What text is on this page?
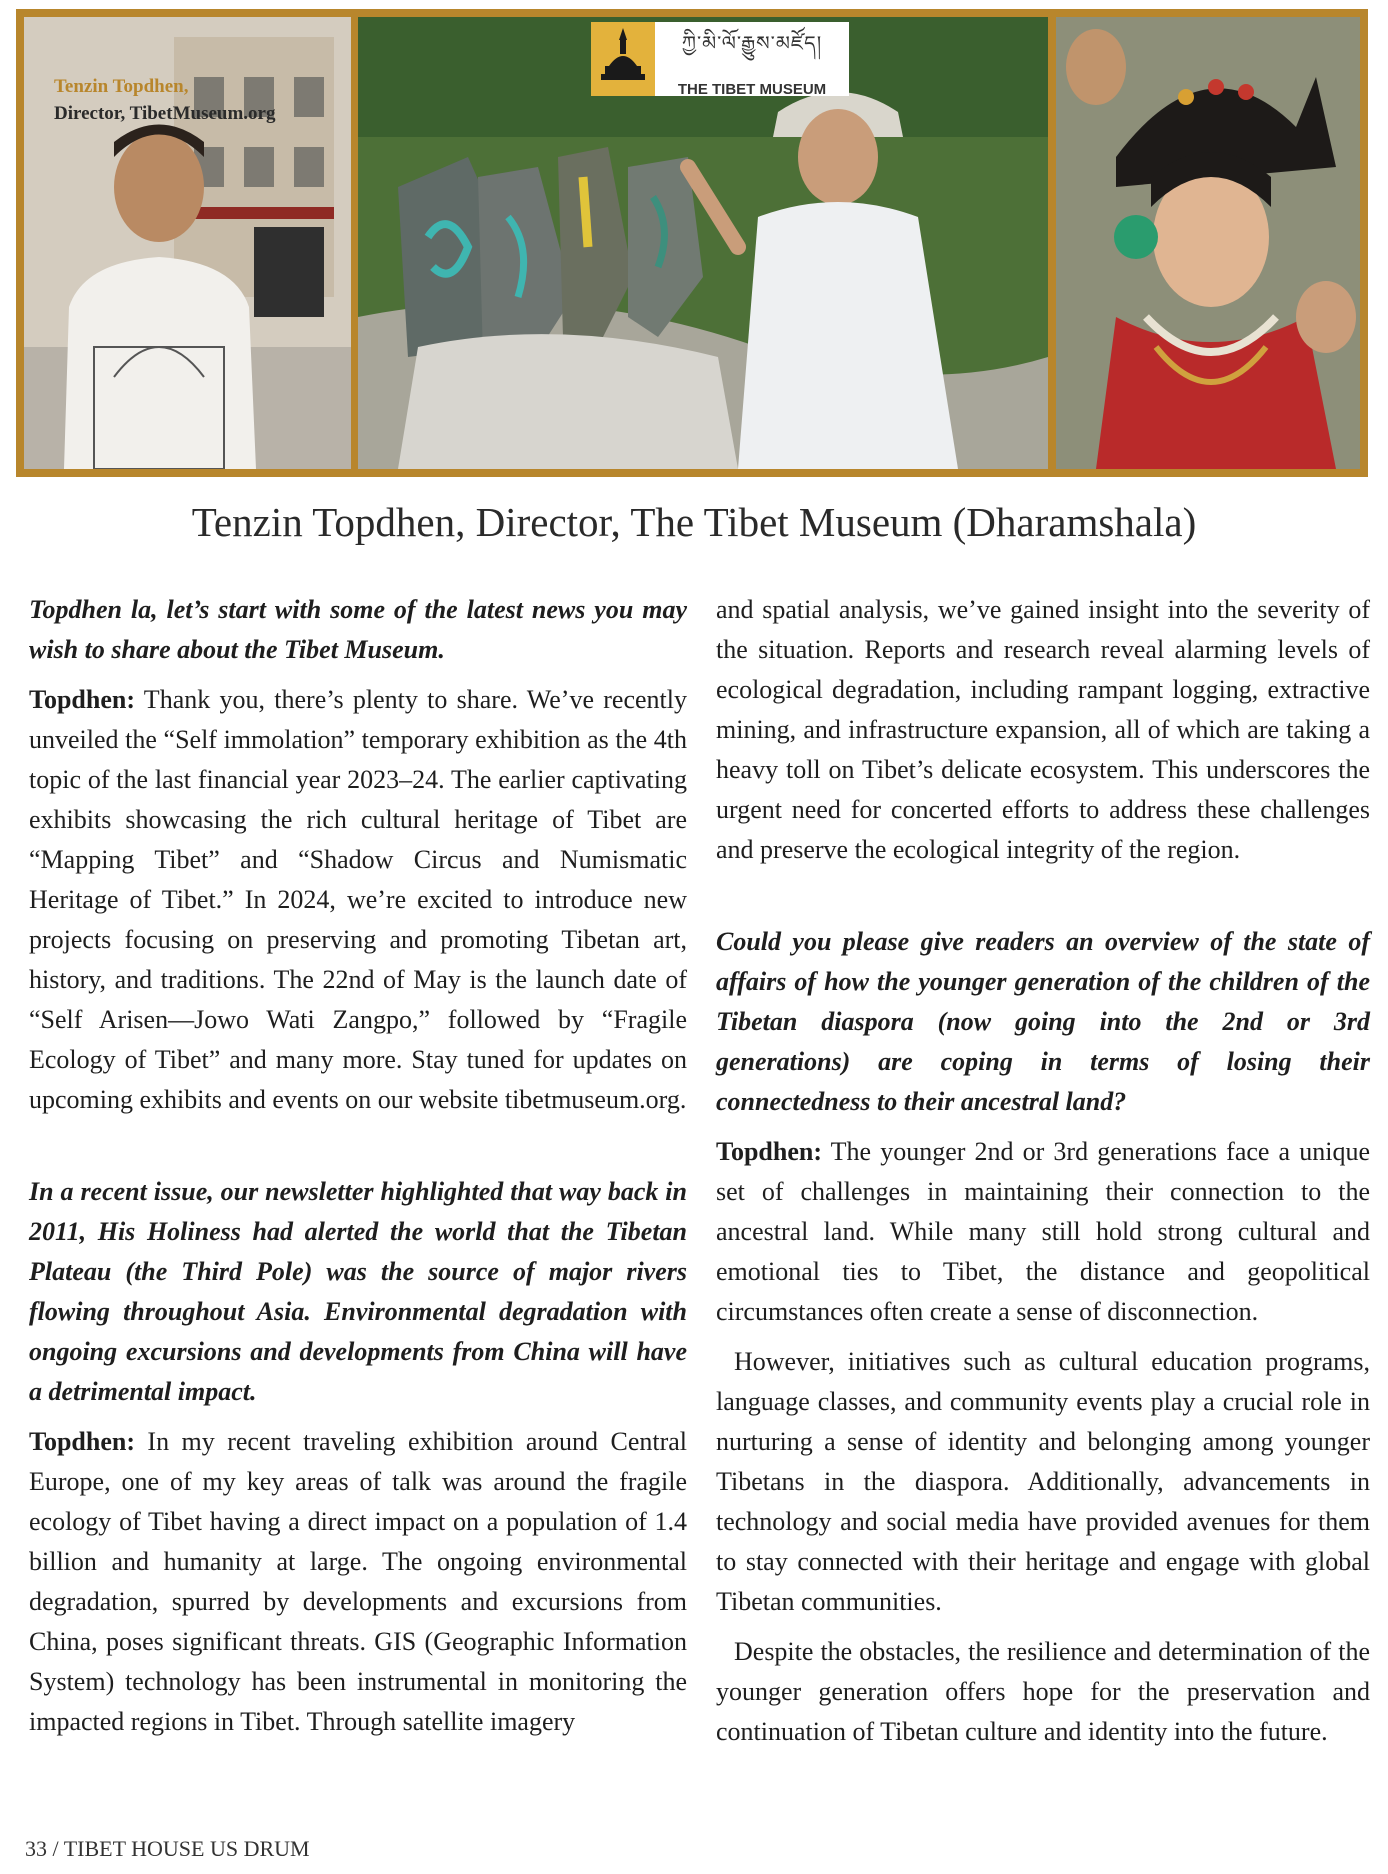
Tenzin Topdhen,
Director, TibetMuseum.org

ཀྱི་མི་ལོ་རྒྱུས་མཛོད།
THE TIBET MUSEUM
Tenzin Topdhen, Director, The Tibet Museum (Dharamshala)

Topdhen la, let’s start with some of the latest news you may wish to share about the Tibet Museum.

Topdhen: Thank you, there’s plenty to share. We’ve recently unveiled the “Self immolation” temporary exhibition as the 4th topic of the last financial year 2023–24. The earlier captivating exhibits showcasing the rich cultural heritage of Tibet are “Mapping Tibet” and “Shadow Circus and Numismatic Heritage of Tibet.” In 2024, we’re excited to introduce new projects focusing on preserving and promoting Tibetan art, history, and traditions. The 22nd of May is the launch date of “Self Arisen—Jowo Wati Zangpo,” followed by “Fragile Ecology of Tibet” and many more. Stay tuned for updates on upcoming exhibits and events on our website tibetmuseum.org.

In a recent issue, our newsletter highlighted that way back in 2011, His Holiness had alerted the world that the Tibetan Plateau (the Third Pole) was the source of major rivers flowing throughout Asia. Environmental degradation with ongoing excursions and developments from China will have a detrimental impact.

Topdhen: In my recent traveling exhibition around Central Europe, one of my key areas of talk was around the fragile ecology of Tibet having a direct impact on a population of 1.4 billion and humanity at large. The ongoing environmental degradation, spurred by developments and excursions from China, poses significant threats. GIS (Geographic Information System) technology has been instrumental in monitoring the impacted regions in Tibet. Through satellite imagery

and spatial analysis, we’ve gained insight into the severity of the situation. Reports and research reveal alarming levels of ecological degradation, including rampant logging, extractive mining, and infrastructure expansion, all of which are taking a heavy toll on Tibet’s delicate ecosystem. This underscores the urgent need for concerted efforts to address these challenges and preserve the ecological integrity of the region.

Could you please give readers an overview of the state of affairs of how the younger generation of the children of the Tibetan diaspora (now going into the 2nd or 3rd generations) are coping in terms of losing their connectedness to their ancestral land?

Topdhen: The younger 2nd or 3rd generations face a unique set of challenges in maintaining their connection to the ancestral land. While many still hold strong cultural and emotional ties to Tibet, the distance and geopolitical circumstances often create a sense of disconnection.

However, initiatives such as cultural education programs, language classes, and community events play a crucial role in nurturing a sense of identity and belonging among younger Tibetans in the diaspora. Additionally, advancements in technology and social media have provided avenues for them to stay connected with their heritage and engage with global Tibetan communities.

Despite the obstacles, the resilience and determination of the younger generation offers hope for the preservation and continuation of Tibetan culture and identity into the future.

33 / TIBET HOUSE US DRUM
